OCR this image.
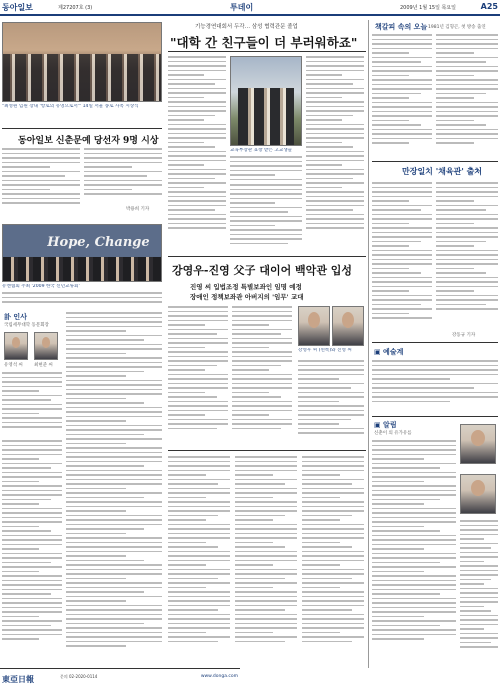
동아일보	제27207호 (3)	투데이	2009년 1월 15일 목요일	A25
"최성원 임원 장내 '항로의 유영으로서'" 14일 서울 종로 사옥 시상식
동아일보 신춘문예 당선자 9명 시상
박용희 기자
Hope, Change
유엔협회 주최 '2009 한국 신년교류회'
訃 인사
국립세무대학 동문회장
유영석 씨 최현준 씨
기능경연대회서 두각… 삼성 협력관문 졸업
"대학 간 친구들이 더 부러워하죠"
교육부장관 표창 받은 고교생들
강영우-진영 父子 대이어 백악관 입성
진영 씨 입법조정 특별보좌인 임명 예정
장애인 정책보좌관 아버지의 '임무' 교대
강영우 씨 (왼쪽)와 진영 씨
책갈피 속의 오늘 1981년 김형곤, 첫 방송 출연
만장일치 '채육관' 출처
강동규 기자
▣ 예술계
▣ 알림
신춘이 의 유가유를
東亞日報	문의 02-2020-0114	www.donga.com
